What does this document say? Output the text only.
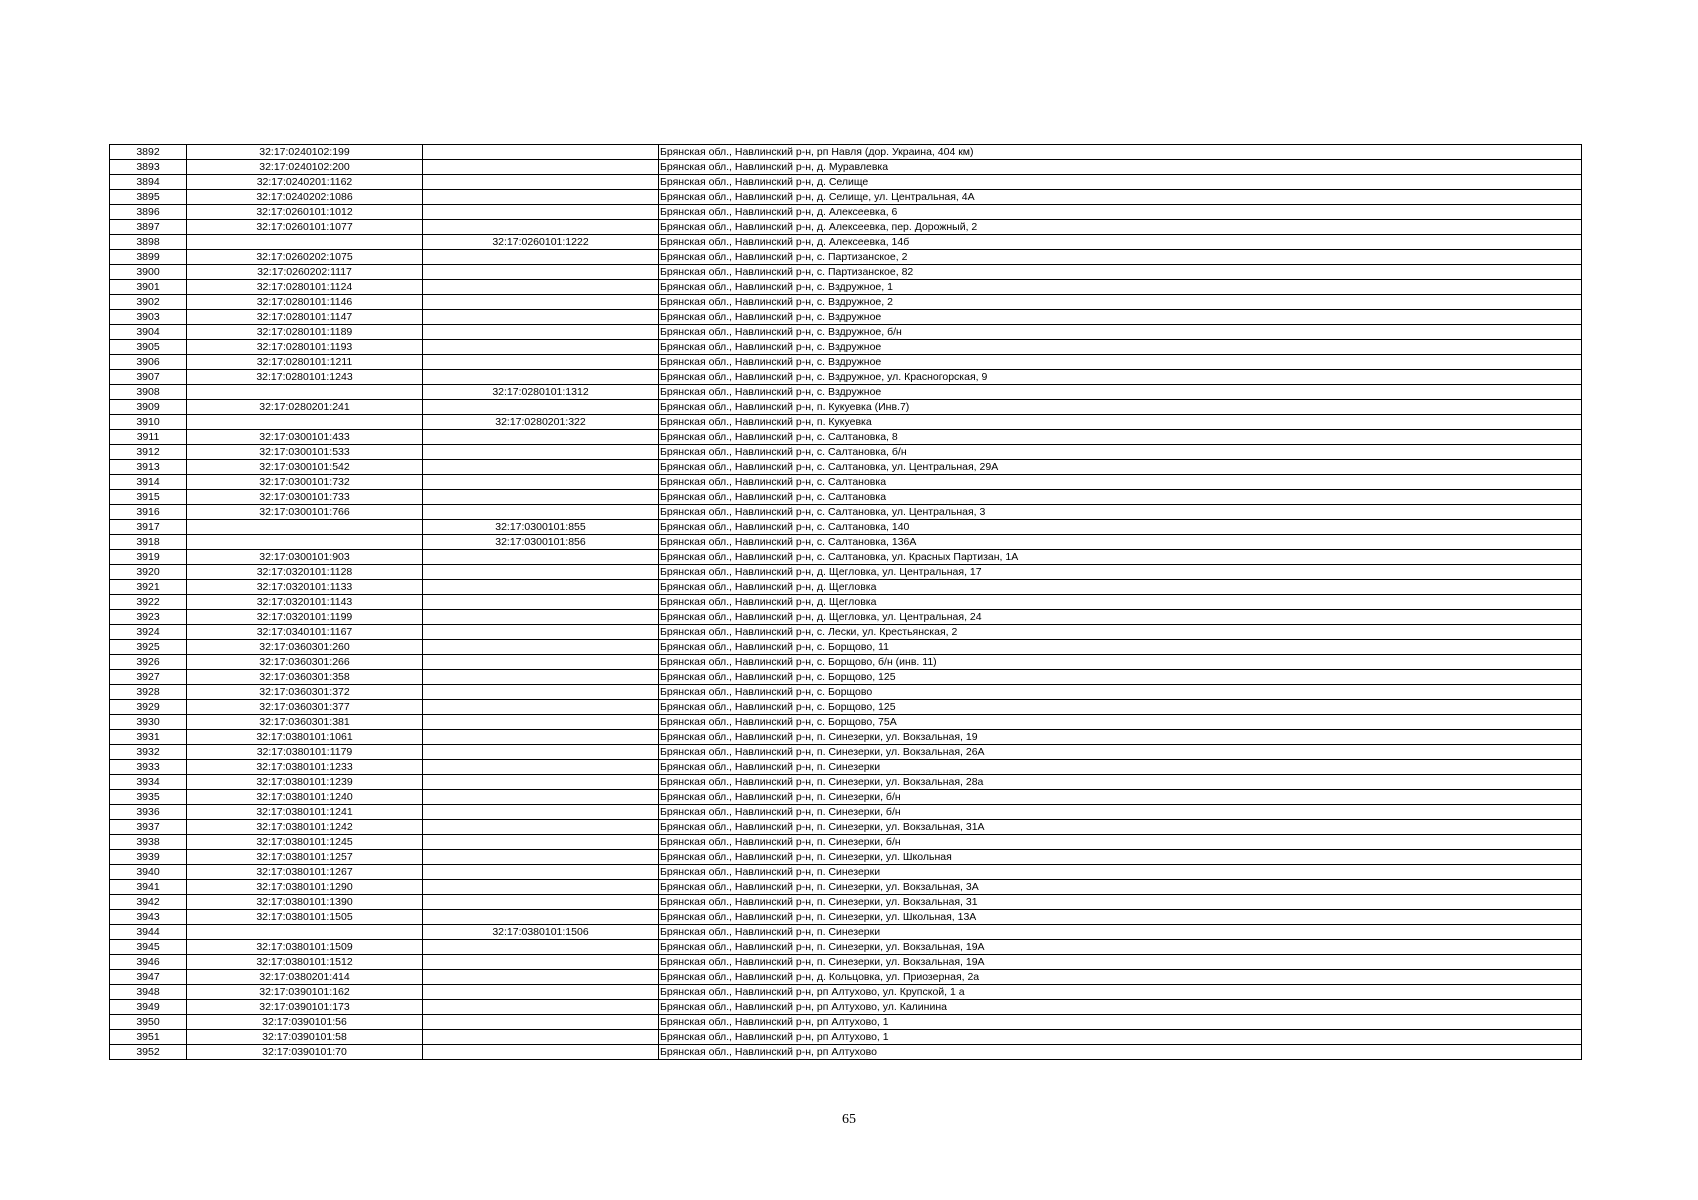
3892	32:17:0240102:199		Брянская обл., Навлинский р-н, рп Навля (дор. Украина, 404 км)
3893	32:17:0240102:200		Брянская обл., Навлинский р-н, д. Муравлевка
3894	32:17:0240201:1162		Брянская обл., Навлинский р-н, д. Селище
3895	32:17:0240202:1086		Брянская обл., Навлинский р-н, д. Селище, ул. Центральная, 4А
3896	32:17:0260101:1012		Брянская обл., Навлинский р-н, д. Алексеевка, 6
3897	32:17:0260101:1077		Брянская обл., Навлинский р-н, д. Алексеевка, пер. Дорожный, 2
3898		32:17:0260101:1222	Брянская обл., Навлинский р-н, д. Алексеевка, 14б
3899	32:17:0260202:1075		Брянская обл., Навлинский р-н, с. Партизанское, 2
3900	32:17:0260202:1117		Брянская обл., Навлинский р-н, с. Партизанское, 82
3901	32:17:0280101:1124		Брянская обл., Навлинский р-н, с. Вздружное, 1
3902	32:17:0280101:1146		Брянская обл., Навлинский р-н, с. Вздружное, 2
3903	32:17:0280101:1147		Брянская обл., Навлинский р-н, с. Вздружное
3904	32:17:0280101:1189		Брянская обл., Навлинский р-н, с. Вздружное, б/н
3905	32:17:0280101:1193		Брянская обл., Навлинский р-н, с. Вздружное
3906	32:17:0280101:1211		Брянская обл., Навлинский р-н, с. Вздружное
3907	32:17:0280101:1243		Брянская обл., Навлинский р-н, с. Вздружное, ул. Красногорская, 9
3908		32:17:0280101:1312	Брянская обл., Навлинский р-н, с. Вздружное
3909	32:17:0280201:241		Брянская обл., Навлинский р-н, п. Кукуевка (Инв.7)
3910		32:17:0280201:322	Брянская обл., Навлинский р-н, п. Кукуевка
3911	32:17:0300101:433		Брянская обл., Навлинский р-н, с. Салтановка, 8
3912	32:17:0300101:533		Брянская обл., Навлинский р-н, с. Салтановка, б/н
3913	32:17:0300101:542		Брянская обл., Навлинский р-н, с. Салтановка, ул. Центральная, 29А
3914	32:17:0300101:732		Брянская обл., Навлинский р-н, с. Салтановка
3915	32:17:0300101:733		Брянская обл., Навлинский р-н, с. Салтановка
3916	32:17:0300101:766		Брянская обл., Навлинский р-н, с. Салтановка, ул. Центральная, 3
3917		32:17:0300101:855	Брянская обл., Навлинский р-н, с. Салтановка, 140
3918		32:17:0300101:856	Брянская обл., Навлинский р-н, с. Салтановка, 136А
3919	32:17:0300101:903		Брянская обл., Навлинский р-н, с. Салтановка, ул. Красных Партизан, 1А
3920	32:17:0320101:1128		Брянская обл., Навлинский р-н, д. Щегловка, ул. Центральная, 17
3921	32:17:0320101:1133		Брянская обл., Навлинский р-н, д. Щегловка
3922	32:17:0320101:1143		Брянская обл., Навлинский р-н, д. Щегловка
3923	32:17:0320101:1199		Брянская обл., Навлинский р-н, д. Щегловка, ул. Центральная, 24
3924	32:17:0340101:1167		Брянская обл., Навлинский р-н, с. Лески, ул. Крестьянская, 2
3925	32:17:0360301:260		Брянская обл., Навлинский р-н, с. Борщово, 11
3926	32:17:0360301:266		Брянская обл., Навлинский р-н, с. Борщово, б/н (инв. 11)
3927	32:17:0360301:358		Брянская обл., Навлинский р-н, с. Борщово, 125
3928	32:17:0360301:372		Брянская обл., Навлинский р-н, с. Борщово
3929	32:17:0360301:377		Брянская обл., Навлинский р-н, с. Борщово, 125
3930	32:17:0360301:381		Брянская обл., Навлинский р-н, с. Борщово, 75А
3931	32:17:0380101:1061		Брянская обл., Навлинский р-н, п. Синезерки, ул. Вокзальная, 19
3932	32:17:0380101:1179		Брянская обл., Навлинский р-н, п. Синезерки, ул. Вокзальная, 26А
3933	32:17:0380101:1233		Брянская обл., Навлинский р-н, п. Синезерки
3934	32:17:0380101:1239		Брянская обл., Навлинский р-н, п. Синезерки, ул. Вокзальная, 28а
3935	32:17:0380101:1240		Брянская обл., Навлинский р-н, п. Синезерки, б/н
3936	32:17:0380101:1241		Брянская обл., Навлинский р-н, п. Синезерки, б/н
3937	32:17:0380101:1242		Брянская обл., Навлинский р-н, п. Синезерки, ул. Вокзальная, 31А
3938	32:17:0380101:1245		Брянская обл., Навлинский р-н, п. Синезерки, б/н
3939	32:17:0380101:1257		Брянская обл., Навлинский р-н, п. Синезерки, ул. Школьная
3940	32:17:0380101:1267		Брянская обл., Навлинский р-н, п. Синезерки
3941	32:17:0380101:1290		Брянская обл., Навлинский р-н, п. Синезерки, ул. Вокзальная, 3А
3942	32:17:0380101:1390		Брянская обл., Навлинский р-н, п. Синезерки, ул. Вокзальная, 31
3943	32:17:0380101:1505		Брянская обл., Навлинский р-н, п. Синезерки, ул. Школьная, 13А
3944		32:17:0380101:1506	Брянская обл., Навлинский р-н, п. Синезерки
3945	32:17:0380101:1509		Брянская обл., Навлинский р-н, п. Синезерки, ул. Вокзальная, 19А
3946	32:17:0380101:1512		Брянская обл., Навлинский р-н, п. Синезерки, ул. Вокзальная, 19А
3947	32:17:0380201:414		Брянская обл., Навлинский р-н, д. Кольцовка, ул. Приозерная, 2а
3948	32:17:0390101:162		Брянская обл., Навлинский р-н, рп Алтухово, ул. Крупской, 1 а
3949	32:17:0390101:173		Брянская обл., Навлинский р-н, рп Алтухово, ул. Калинина
3950	32:17:0390101:56		Брянская обл., Навлинский р-н, рп Алтухово, 1
3951	32:17:0390101:58		Брянская обл., Навлинский р-н, рп Алтухово, 1
3952	32:17:0390101:70		Брянская обл., Навлинский р-н, рп Алтухово
65
